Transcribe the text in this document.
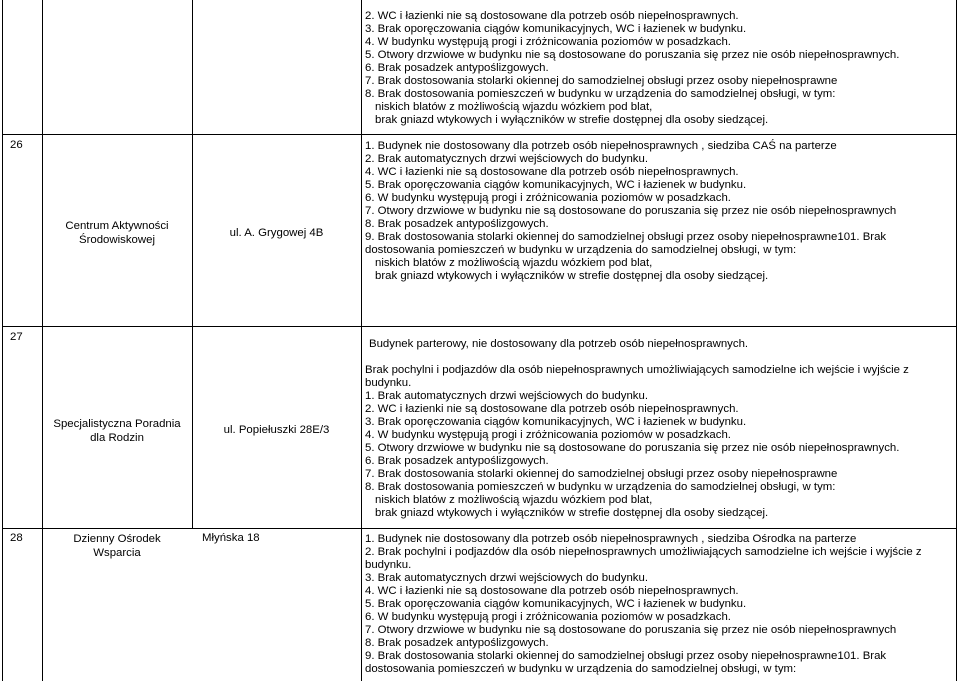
2. WC i łazienki nie są dostosowane dla potrzeb osób niepełnosprawnych.
3. Brak oporęczowania ciągów komunikacyjnych, WC i łazienek w budynku.
4. W budynku występują progi i zróżnicowania poziomów w posadzkach.
5. Otwory drzwiowe w budynku nie są dostosowane do poruszania się przez nie osób niepełnosprawnych.
6. Brak posadzek antypoślizgowych.
7. Brak dostosowania stolarki okiennej do samodzielnej obsługi przez osoby niepełnosprawne
8. Brak dostosowania pomieszczeń w budynku w urządzenia do samodzielnej obsługi, w tym:
niskich blatów z możliwością wjazdu wózkiem pod blat,
brak gniazd wtykowych i wyłączników w strefie dostępnej dla osoby siedzącej.
26
Centrum Aktywności
Środowiskowej
ul. A. Grygowej 4B
1. Budynek nie dostosowany dla potrzeb osób niepełnosprawnych , siedziba CAŚ na parterze
2. Brak automatycznych drzwi wejściowych do budynku.
4. WC i łazienki nie są dostosowane dla potrzeb osób niepełnosprawnych.
5. Brak oporęczowania ciągów komunikacyjnych, WC i łazienek w budynku.
6. W budynku występują progi i zróżnicowania poziomów w posadzkach.
7. Otwory drzwiowe w budynku nie są dostosowane do poruszania się przez nie osób niepełnosprawnych
8. Brak posadzek antypoślizgowych.
9. Brak dostosowania stolarki okiennej do samodzielnej obsługi przez osoby niepełnosprawne101. Brak
dostosowania pomieszczeń w budynku w urządzenia do samodzielnej obsługi, w tym:
niskich blatów z możliwością wjazdu wózkiem pod blat,
brak gniazd wtykowych i wyłączników w strefie dostępnej dla osoby siedzącej.
27
Specjalistyczna Poradnia
dla Rodzin
ul. Popiełuszki 28E/3
Budynek parterowy, nie dostosowany dla potrzeb osób niepełnosprawnych.
Brak pochylni i podjazdów dla osób niepełnosprawnych umożliwiających samodzielne ich wejście i wyjście z
budynku.
1. Brak automatycznych drzwi wejściowych do budynku.
2. WC i łazienki nie są dostosowane dla potrzeb osób niepełnosprawnych.
3. Brak oporęczowania ciągów komunikacyjnych, WC i łazienek w budynku.
4. W budynku występują progi i zróżnicowania poziomów w posadzkach.
5. Otwory drzwiowe w budynku nie są dostosowane do poruszania się przez nie osób niepełnosprawnych.
6. Brak posadzek antypoślizgowych.
7. Brak dostosowania stolarki okiennej do samodzielnej obsługi przez osoby niepełnosprawne
8. Brak dostosowania pomieszczeń w budynku w urządzenia do samodzielnej obsługi, w tym:
niskich blatów z możliwością wjazdu wózkiem pod blat,
brak gniazd wtykowych i wyłączników w strefie dostępnej dla osoby siedzącej.
28	Dzienny Ośrodek
Wsparcia
Młyńska 18	1. Budynek nie dostosowany dla potrzeb osób niepełnosprawnych , siedziba Ośrodka na parterze
2. Brak pochylni i podjazdów dla osób niepełnosprawnych umożliwiających samodzielne ich wejście i wyjście z
budynku.
3. Brak automatycznych drzwi wejściowych do budynku.
4. WC i łazienki nie są dostosowane dla potrzeb osób niepełnosprawnych.
5. Brak oporęczowania ciągów komunikacyjnych, WC i łazienek w budynku.
6. W budynku występują progi i zróżnicowania poziomów w posadzkach.
7. Otwory drzwiowe w budynku nie są dostosowane do poruszania się przez nie osób niepełnosprawnych
8. Brak posadzek antypoślizgowych.
9. Brak dostosowania stolarki okiennej do samodzielnej obsługi przez osoby niepełnosprawne101. Brak
dostosowania pomieszczeń w budynku w urządzenia do samodzielnej obsługi, w tym:
